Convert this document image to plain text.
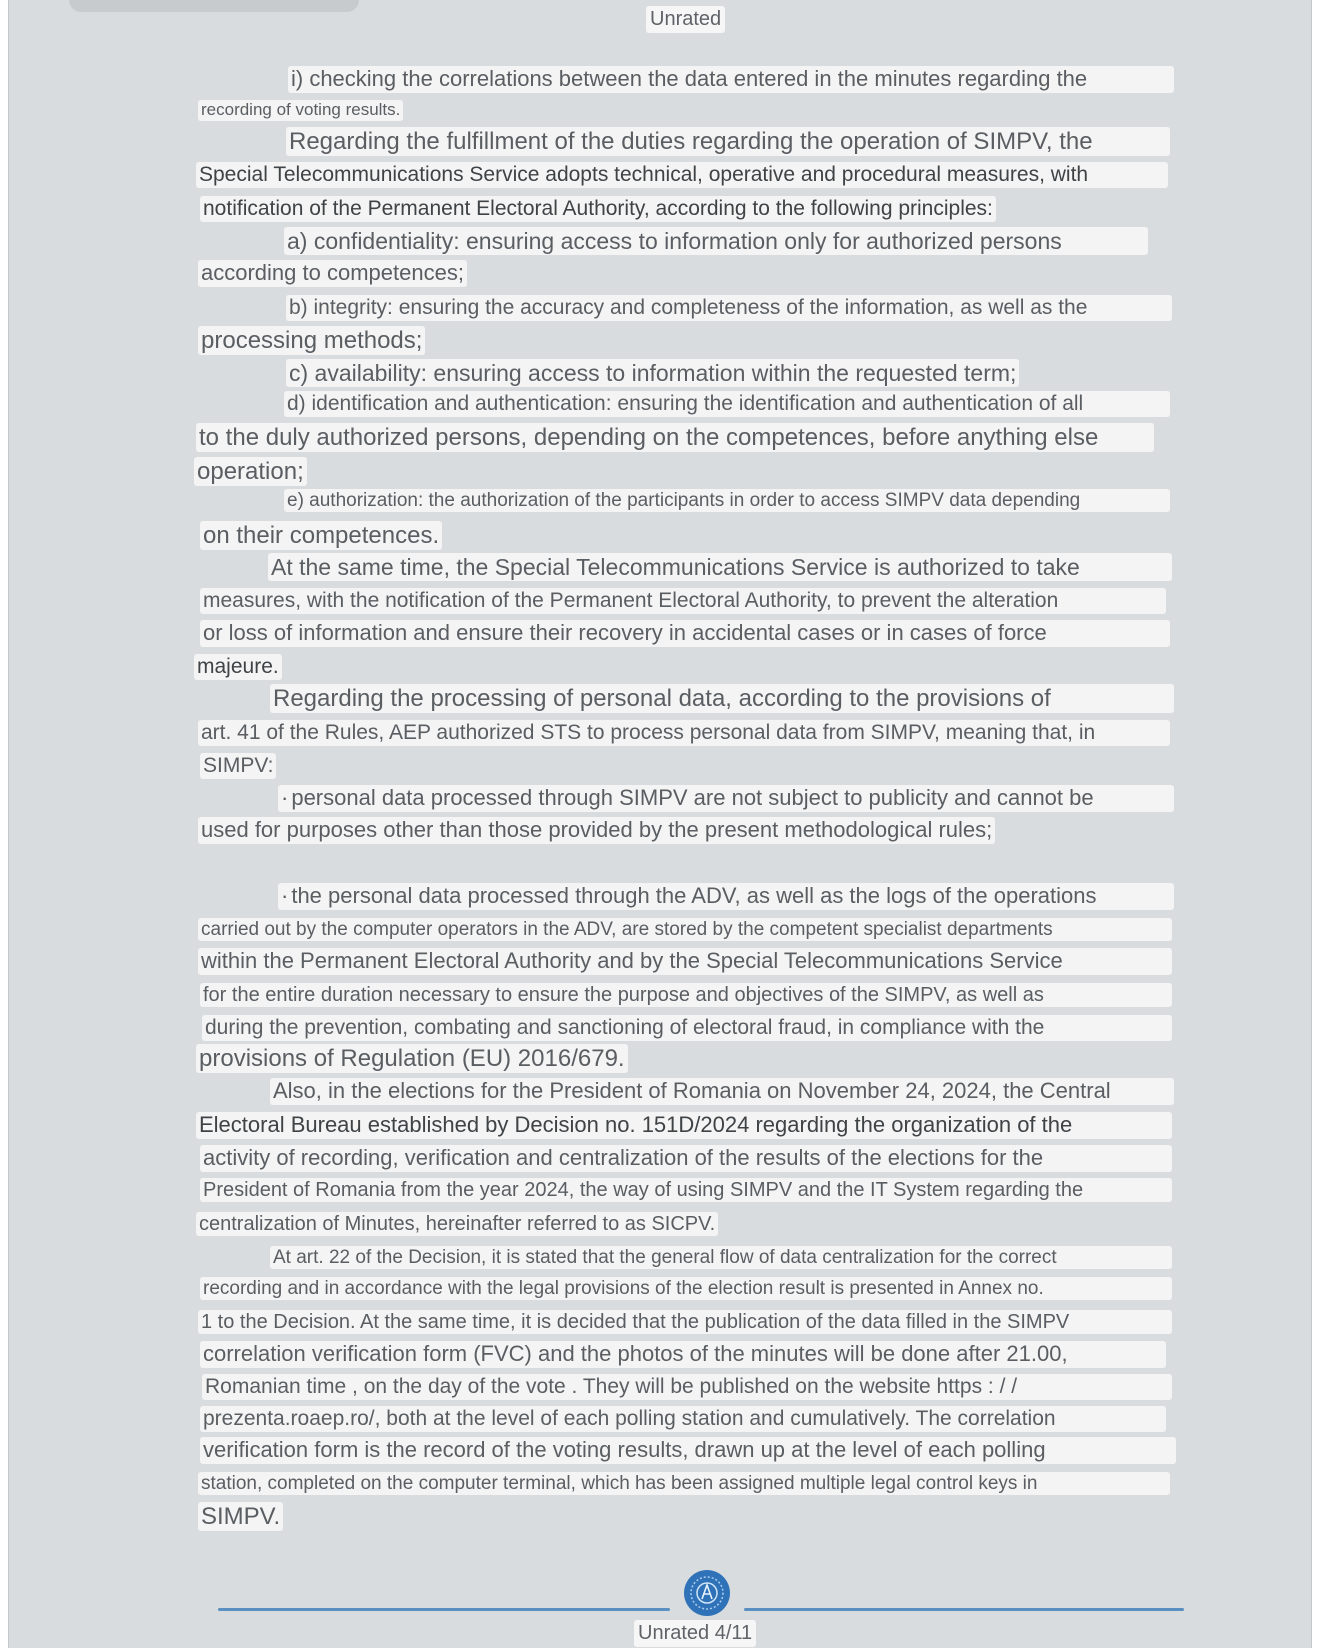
Unrated
i) checking the correlations between the data entered in the minutes regarding the
recording of voting results.
Regarding the fulfillment of the duties regarding the operation of SIMPV, the
Special Telecommunications Service adopts technical, operative and procedural measures, with
notification of the Permanent Electoral Authority, according to the following principles:
a) confidentiality: ensuring access to information only for authorized persons
according to competences;
b) integrity: ensuring the accuracy and completeness of the information, as well as the
processing methods;
c) availability: ensuring access to information within the requested term;
d) identification and authentication: ensuring the identification and authentication of all
to the duly authorized persons, depending on the competences, before anything else
operation;
e) authorization: the authorization of the participants in order to access SIMPV data depending
on their competences.
At the same time, the Special Telecommunications Service is authorized to take
measures, with the notification of the Permanent Electoral Authority, to prevent the alteration
or loss of information and ensure their recovery in accidental cases or in cases of force
majeure.
Regarding the processing of personal data, according to the provisions of
art. 41 of the Rules, AEP authorized STS to process personal data from SIMPV, meaning that, in
SIMPV:
· personal data processed through SIMPV are not subject to publicity and cannot be
used for purposes other than those provided by the present methodological rules;
· the personal data processed through the ADV, as well as the logs of the operations
carried out by the computer operators in the ADV, are stored by the competent specialist departments
within the Permanent Electoral Authority and by the Special Telecommunications Service
for the entire duration necessary to ensure the purpose and objectives of the SIMPV, as well as
during the prevention, combating and sanctioning of electoral fraud, in compliance with the
provisions of Regulation (EU) 2016/679.
Also, in the elections for the President of Romania on November 24, 2024, the Central
Electoral Bureau established by Decision no. 151D/2024 regarding the organization of the
activity of recording, verification and centralization of the results of the elections for the
President of Romania from the year 2024, the way of using SIMPV and the IT System regarding the
centralization of Minutes, hereinafter referred to as SICPV.
At art. 22 of the Decision, it is stated that the general flow of data centralization for the correct
recording and in accordance with the legal provisions of the election result is presented in Annex no.
1 to the Decision. At the same time, it is decided that the publication of the data filled in the SIMPV
correlation verification form (FVC) and the photos of the minutes will be done after 21.00,
Romanian time , on the day of the vote . They will be published on the website https : / /
prezenta.roaep.ro/, both at the level of each polling station and cumulatively. The correlation
verification form is the record of the voting results, drawn up at the level of each polling
station, completed on the computer terminal, which has been assigned multiple legal control keys in
SIMPV.
Unrated 4/11
